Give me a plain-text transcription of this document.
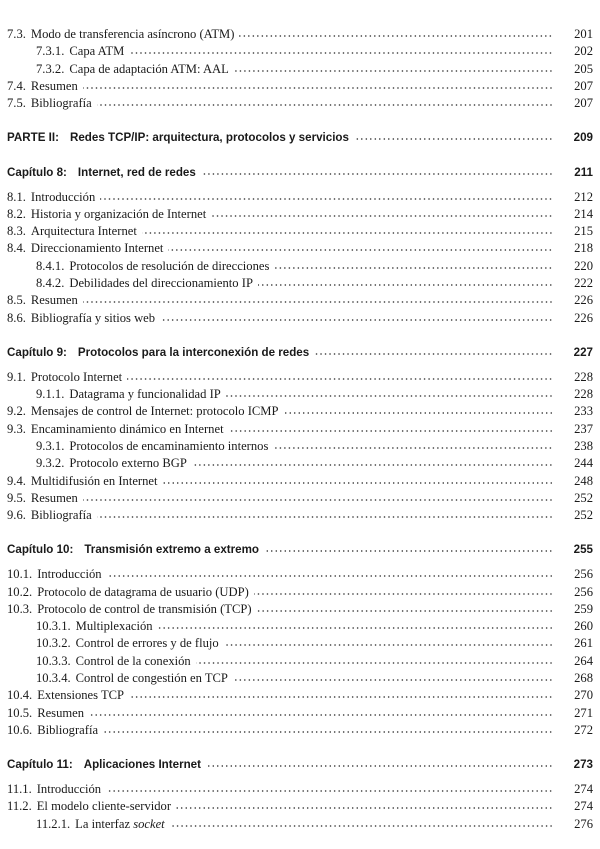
7.3. Modo de transferencia asíncrono (ATM)	201
7.3.1. Capa ATM	202
7.3.2. Capa de adaptación ATM: AAL	205
7.4. Resumen	207
7.5. Bibliografía	207
PARTE II: Redes TCP/IP: arquitectura, protocolos y servicios	209
Capítulo 8: Internet, red de redes	211
8.1. Introducción	212
8.2. Historia y organización de Internet	214
8.3. Arquitectura Internet	215
8.4. Direccionamiento Internet	218
8.4.1. Protocolos de resolución de direcciones	220
8.4.2. Debilidades del direccionamiento IP	222
8.5. Resumen	226
8.6. Bibliografía y sitios web	226
Capítulo 9: Protocolos para la interconexión de redes	227
9.1. Protocolo Internet	228
9.1.1. Datagrama y funcionalidad IP	228
9.2. Mensajes de control de Internet: protocolo ICMP	233
9.3. Encaminamiento dinámico en Internet	237
9.3.1. Protocolos de encaminamiento internos	238
9.3.2. Protocolo externo BGP	244
9.4. Multidifusión en Internet	248
9.5. Resumen	252
9.6. Bibliografía	252
Capítulo 10: Transmisión extremo a extremo	255
10.1. Introducción	256
10.2. Protocolo de datagrama de usuario (UDP)	256
10.3. Protocolo de control de transmisión (TCP)	259
10.3.1. Multiplexación	260
10.3.2. Control de errores y de flujo	261
10.3.3. Control de la conexión	264
10.3.4. Control de congestión en TCP	268
10.4. Extensiones TCP	270
10.5. Resumen	271
10.6. Bibliografía	272
Capítulo 11: Aplicaciones Internet	273
11.1. Introducción	274
11.2. El modelo cliente-servidor	274
11.2.1. La interfaz socket	276
